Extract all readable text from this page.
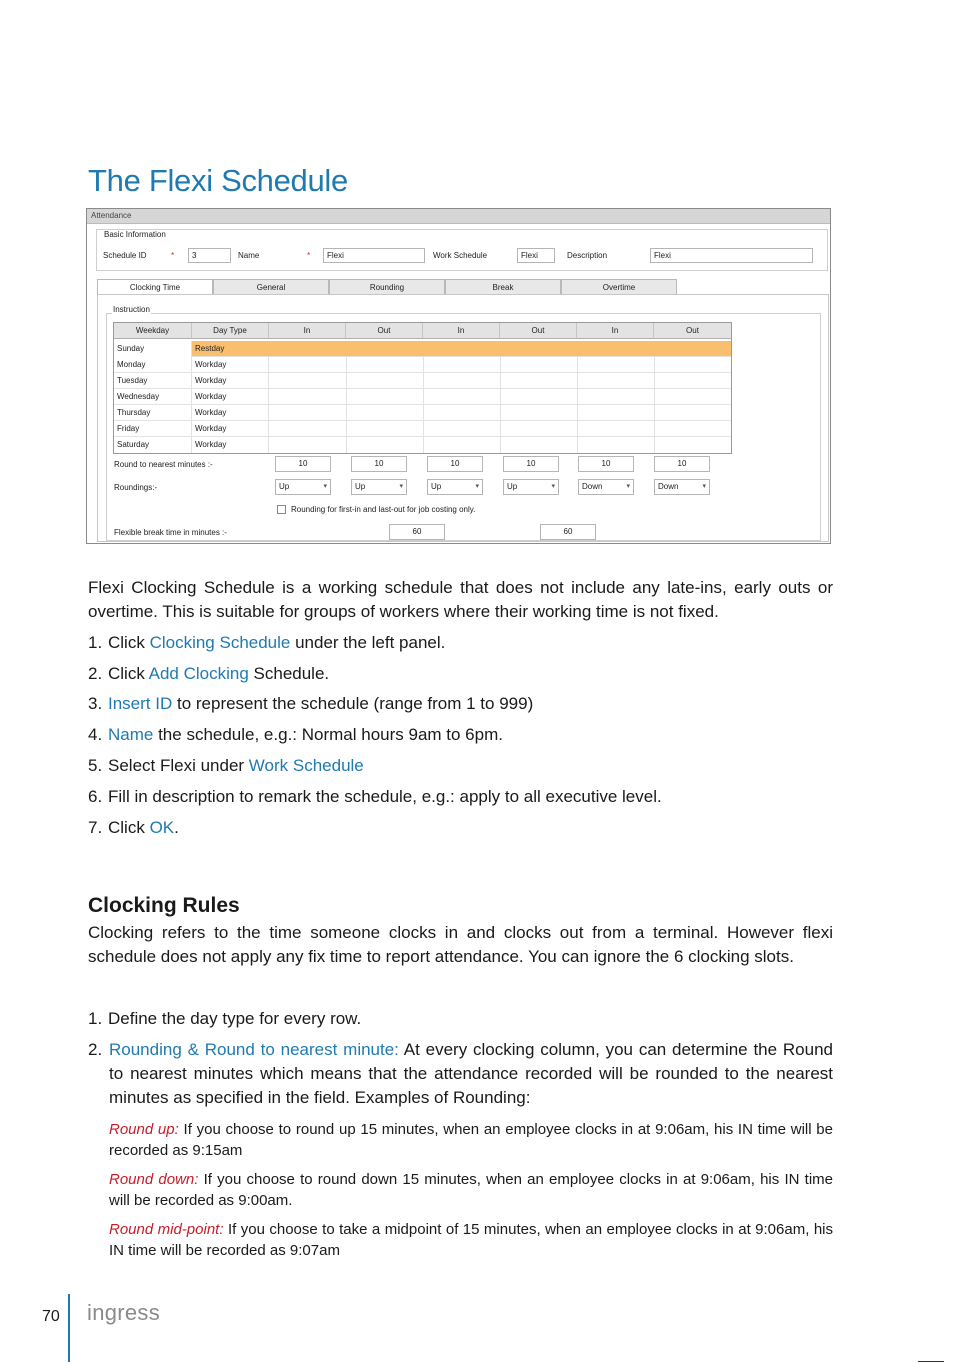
The Flexi Schedule
Attendance
Basic Information
Schedule ID	*	3	Name	*	Flexi	Work Schedule	Flexi	Description	Flexi
Clocking Time	General	Rounding	Break	Overtime
Instruction
Weekday	Day Type	In	Out	In	Out	In	Out
Sunday	Restday
Monday	Workday
Tuesday	Workday
Wednesday	Workday
Thursday	Workday
Friday	Workday
Saturday	Workday
Round to nearest minutes :-	10	10	10	10	10	10
Roundings:-	Up	▾	Up	▾	Up	▾	Up	▾	Down	▾	Down	▾
Rounding for first-in and last-out for job costing only.
Flexible break time in minutes :-	60	60
Flexi Clocking Schedule is a working schedule that does not include any late-ins, early outs or overtime. This is suitable for groups of workers where their working time is not fixed.
1. Click Clocking Schedule under the left panel.
2. Click Add Clocking Schedule.
3. Insert ID to represent the schedule (range from 1 to 999)
4. Name the schedule, e.g.: Normal hours 9am to 6pm.
5. Select Flexi under Work Schedule
6. Fill in description to remark the schedule, e.g.: apply to all executive level.
7. Click OK.
Clocking Rules
Clocking refers to the time someone clocks in and clocks out from a terminal. However flexi schedule does not apply any fix time to report attendance. You can ignore the 6 clocking slots.
1. Define the day type for every row.
2. Rounding & Round to nearest minute: At every clocking column, you can determine the Round to nearest minutes which means that the attendance recorded will be rounded to the nearest minutes as specified in the field. Examples of Rounding:
Round up: If you choose to round up 15 minutes, when an employee clocks in at 9:06am, his IN time will be recorded as 9:15am
Round down: If you choose to round down 15 minutes, when an employee clocks in at 9:06am, his IN time will be recorded as 9:00am.
Round mid-point: If you choose to take a midpoint of 15 minutes, when an employee clocks in at 9:06am, his IN time will be recorded as 9:07am
70 ingress
